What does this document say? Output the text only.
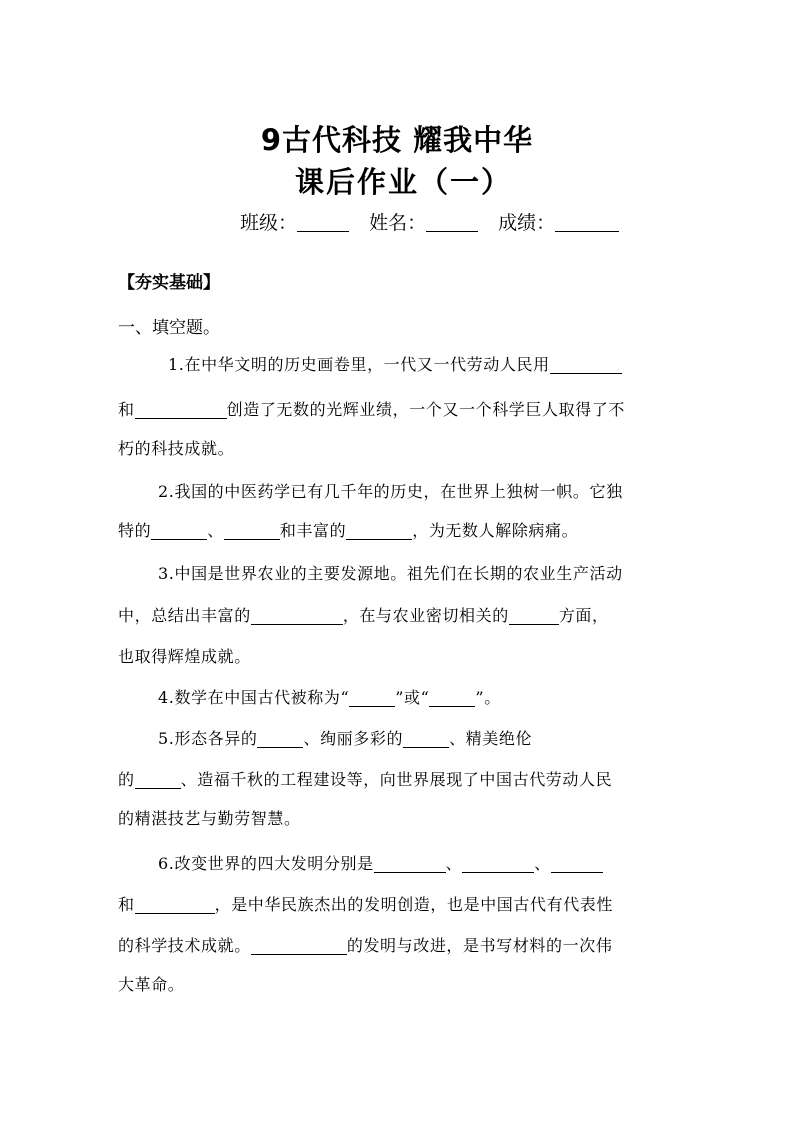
9古代科技 耀我中华
课后作业（一）
班级：	姓名：	成绩：
【夯实基础】
一、填空题。
1.在中华文明的历史画卷里，一代又一代劳动人民用
和	创造了无数的光辉业绩，一个又一个科学巨人取得了不
朽的科技成就。
2.我国的中医药学已有几千年的历史，在世界上独树一帜。它独
特的	、	和丰富的	，为无数人解除病痛。
3.中国是世界农业的主要发源地。祖先们在长期的农业生产活动
中，总结出丰富的	，在与农业密切相关的	方面，
也取得辉煌成就。
4.数学在中国古代被称为“	”或“	”。
5.形态各异的	、绚丽多彩的	、精美绝伦
的	、造福千秋的工程建设等，向世界展现了中国古代劳动人民
的精湛技艺与勤劳智慧。
6.改变世界的四大发明分别是	、	、
和	，是中华民族杰出的发明创造，也是中国古代有代表性
的科学技术成就。	的发明与改进，是书写材料的一次伟
大革命。
